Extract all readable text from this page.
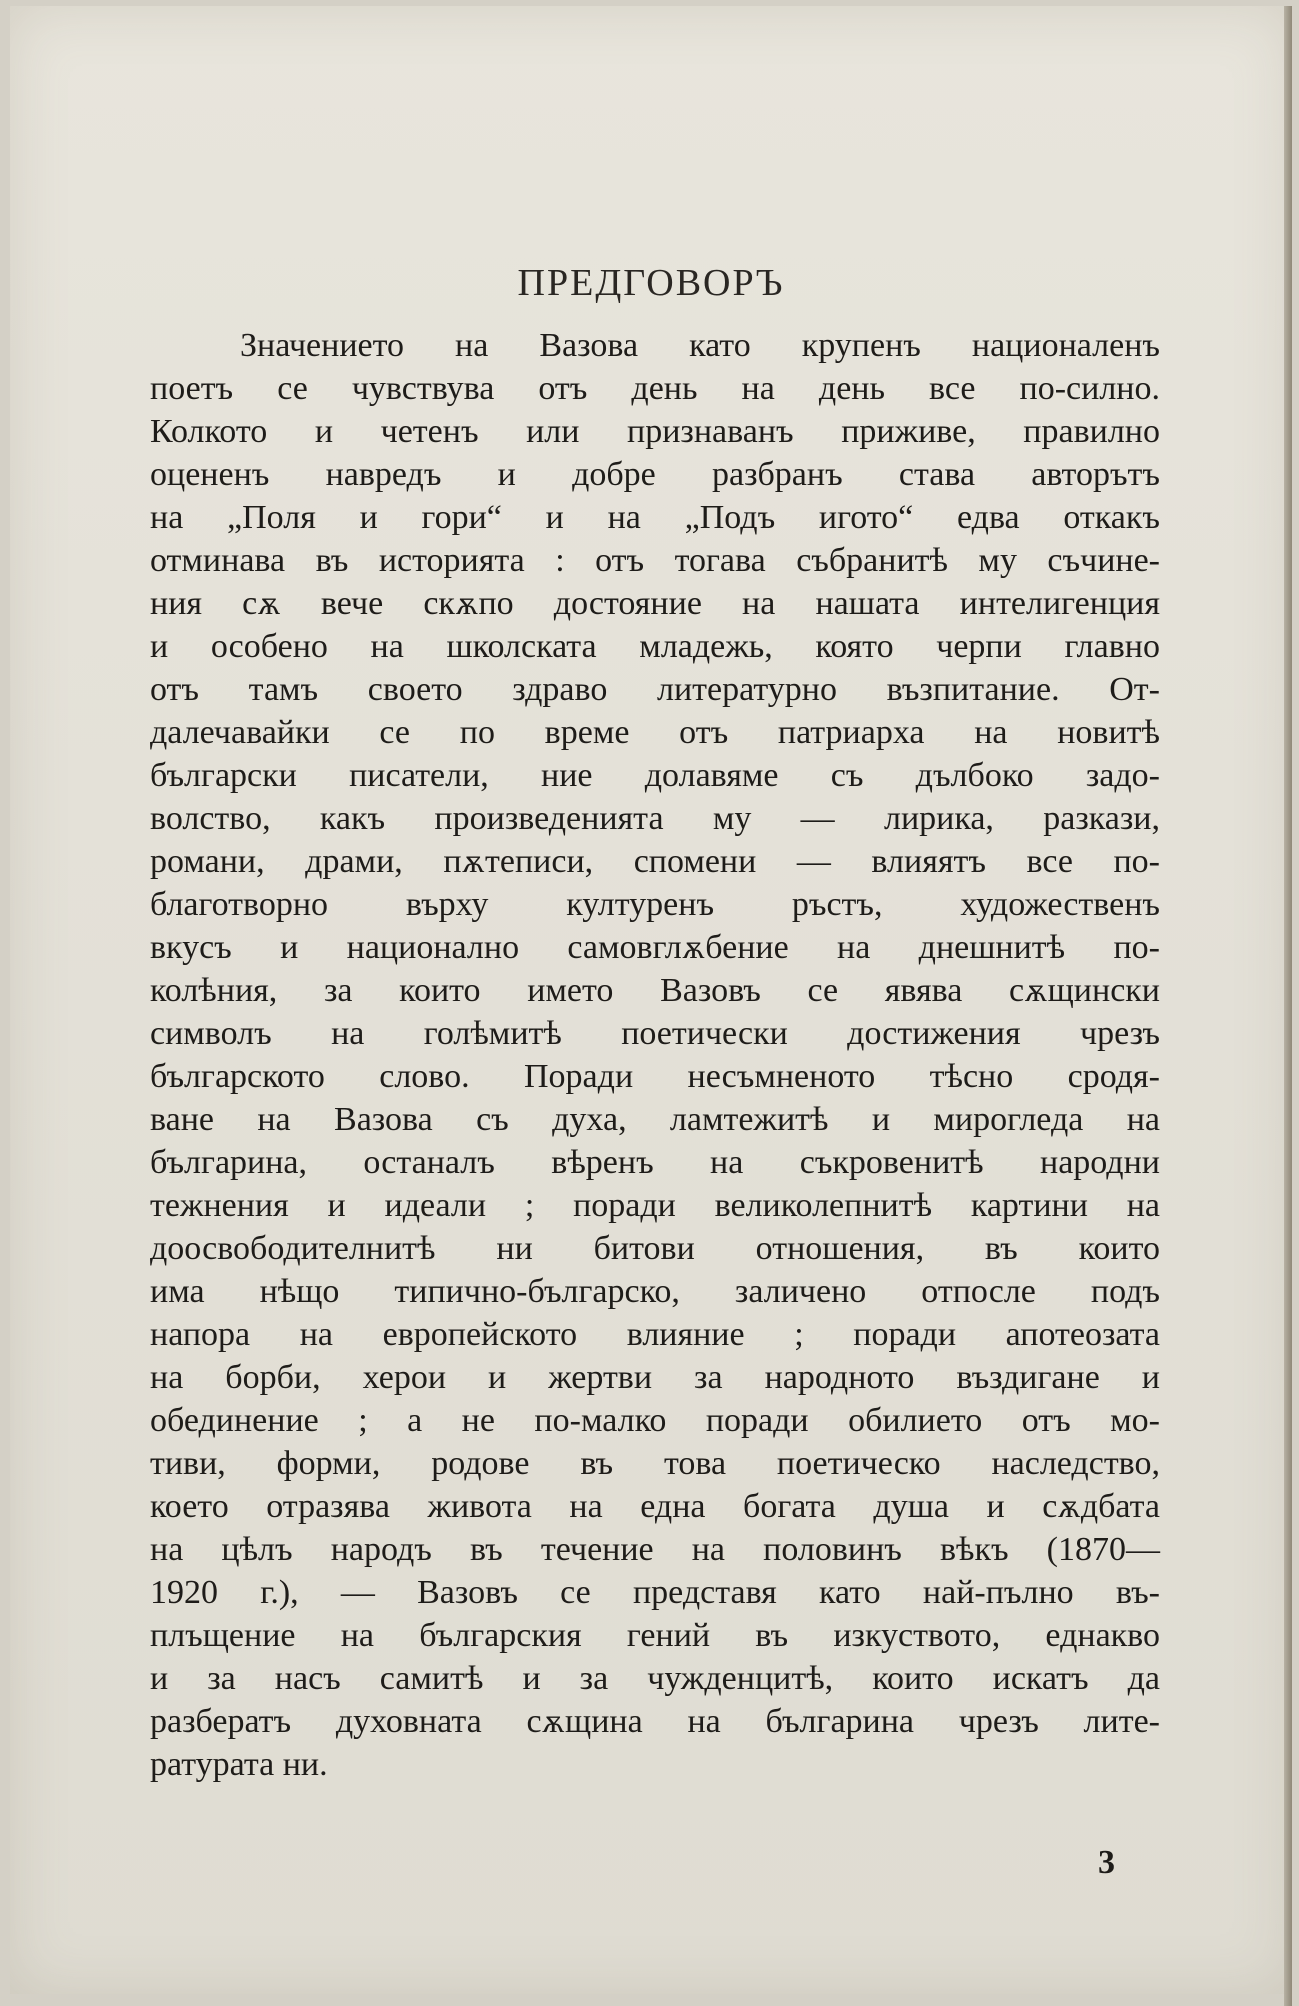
ПРЕДГОВОРЪ
Значението на Вазова като крупенъ националенъ
поетъ се чувствува отъ день на день все по-силно.
Колкото и четенъ или признаванъ приживе, правилно
оцененъ навредъ и добре разбранъ става авторътъ
на „Поля и гори“ и на „Подъ игото“ едва откакъ
отминава въ историята : отъ тогава събранитѣ му съчине-
ния сѫ вече скѫпо достояние на нашата интелигенция
и особено на школската младежь, която черпи главно
отъ тамъ своето здраво литературно възпитание. От-
далечавайки се по време отъ патриарха на новитѣ
български писатели, ние долавяме съ дълбоко задо-
волство, какъ произведенията му — лирика, разкази,
романи, драми, пѫтеписи, спомени — влияятъ все по-
благотворно върху културенъ ръстъ, художественъ
вкусъ и национално самовглѫбение на днешнитѣ по-
колѣния, за които името Вазовъ се явява сѫщински
символъ на голѣмитѣ поетически достижения чрезъ
българското слово. Поради несъмненото тѣсно сродя-
ване на Вазова съ духа, ламтежитѣ и мирогледа на
българина, останалъ вѣренъ на съкровенитѣ народни
тежнения и идеали ; поради великолепнитѣ картини на
доосвободителнитѣ ни битови отношения, въ които
има нѣщо типично-българско, заличено отпосле подъ
напора на европейското влияние ; поради апотеозата
на борби, херои и жертви за народното въздигане и
обединение ; а не по-малко поради обилието отъ мо-
тиви, форми, родове въ това поетическо наследство,
което отразява живота на една богата душа и сѫдбата
на цѣлъ народъ въ течение на половинъ вѣкъ (1870—
1920 г.), — Вазовъ се представя като най-пълно въ-
плъщение на българския гений въ изкуството, еднакво
и за насъ самитѣ и за чужденцитѣ, които искатъ да
разбератъ духовната сѫщина на българина чрезъ лите-
ратурата ни.
3
